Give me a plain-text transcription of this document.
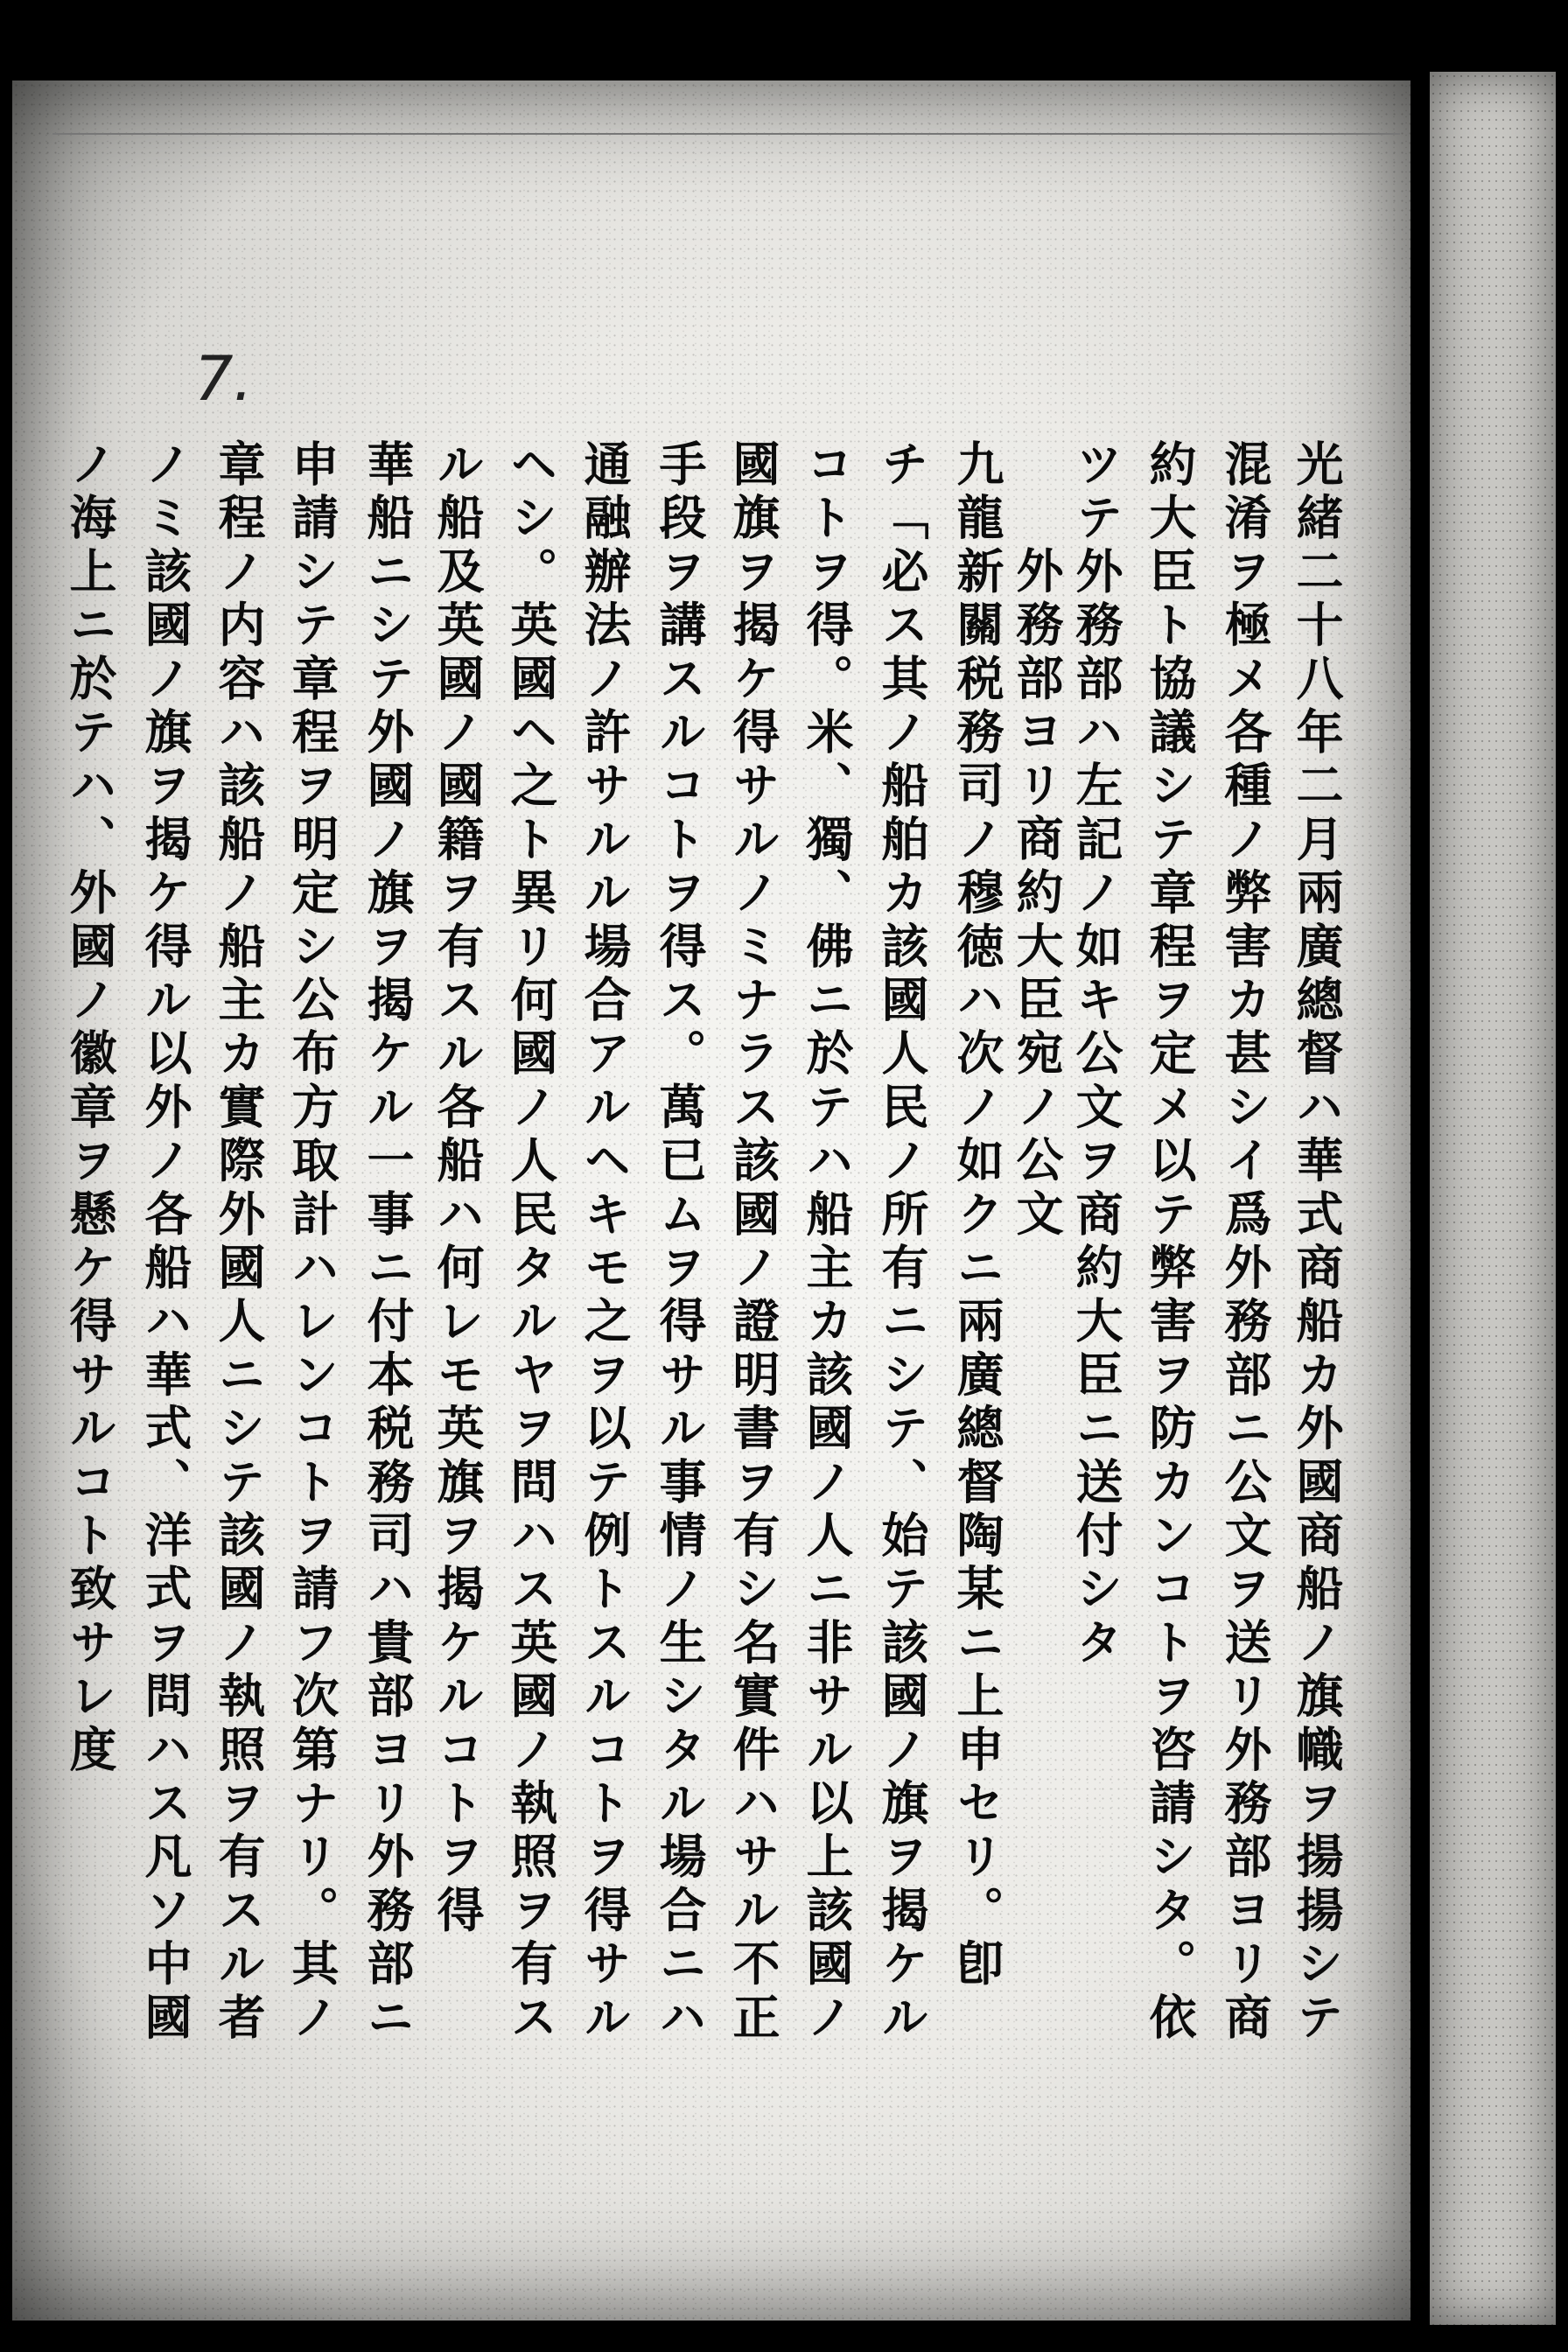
7.
光緒二十八年二月兩廣總督ハ華式商船カ外國商船ノ旗幟ヲ揚揚シテ
混淆ヲ極メ各種ノ弊害カ甚シイ爲外務部ニ公文ヲ送リ外務部ヨリ商
約大臣ト協議シテ章程ヲ定メ以テ弊害ヲ防カンコトヲ咨請シタ。依
ツテ外務部ハ左記ノ如キ公文ヲ商約大臣ニ送付シタ
外務部ヨリ商約大臣宛ノ公文
九龍新關税務司ノ穆徳ハ次ノ如クニ兩廣總督陶某ニ上申セリ。卽
チ「必ス其ノ船舶カ該國人民ノ所有ニシテ、始テ該國ノ旗ヲ揭ケル
コトヲ得。米、獨、佛ニ於テハ船主カ該國ノ人ニ非サル以上該國ノ
國旗ヲ揭ケ得サルノミナラス該國ノ證明書ヲ有シ名實件ハサル不正
手段ヲ講スルコトヲ得ス。萬已ムヲ得サル事情ノ生シタル場合ニハ
通融辦法ノ許サルル場合アルヘキモ之ヲ以テ例トスルコトヲ得サル
ヘシ。英國ヘ之ト異リ何國ノ人民タルヤヲ問ハス英國ノ執照ヲ有ス
ル船及英國ノ國籍ヲ有スル各船ハ何レモ英旗ヲ揭ケルコトヲ得
華船ニシテ外國ノ旗ヲ揭ケル一事ニ付本税務司ハ貴部ヨリ外務部ニ
申請シテ章程ヲ明定シ公布方取計ハレンコトヲ請フ次第ナリ。其ノ
章程ノ内容ハ該船ノ船主カ實際外國人ニシテ該國ノ執照ヲ有スル者
ノミ該國ノ旗ヲ揭ケ得ル以外ノ各船ハ華式、洋式ヲ問ハス凡ソ中國
ノ海上ニ於テハ、外國ノ徽章ヲ懸ケ得サルコト致サレ度
